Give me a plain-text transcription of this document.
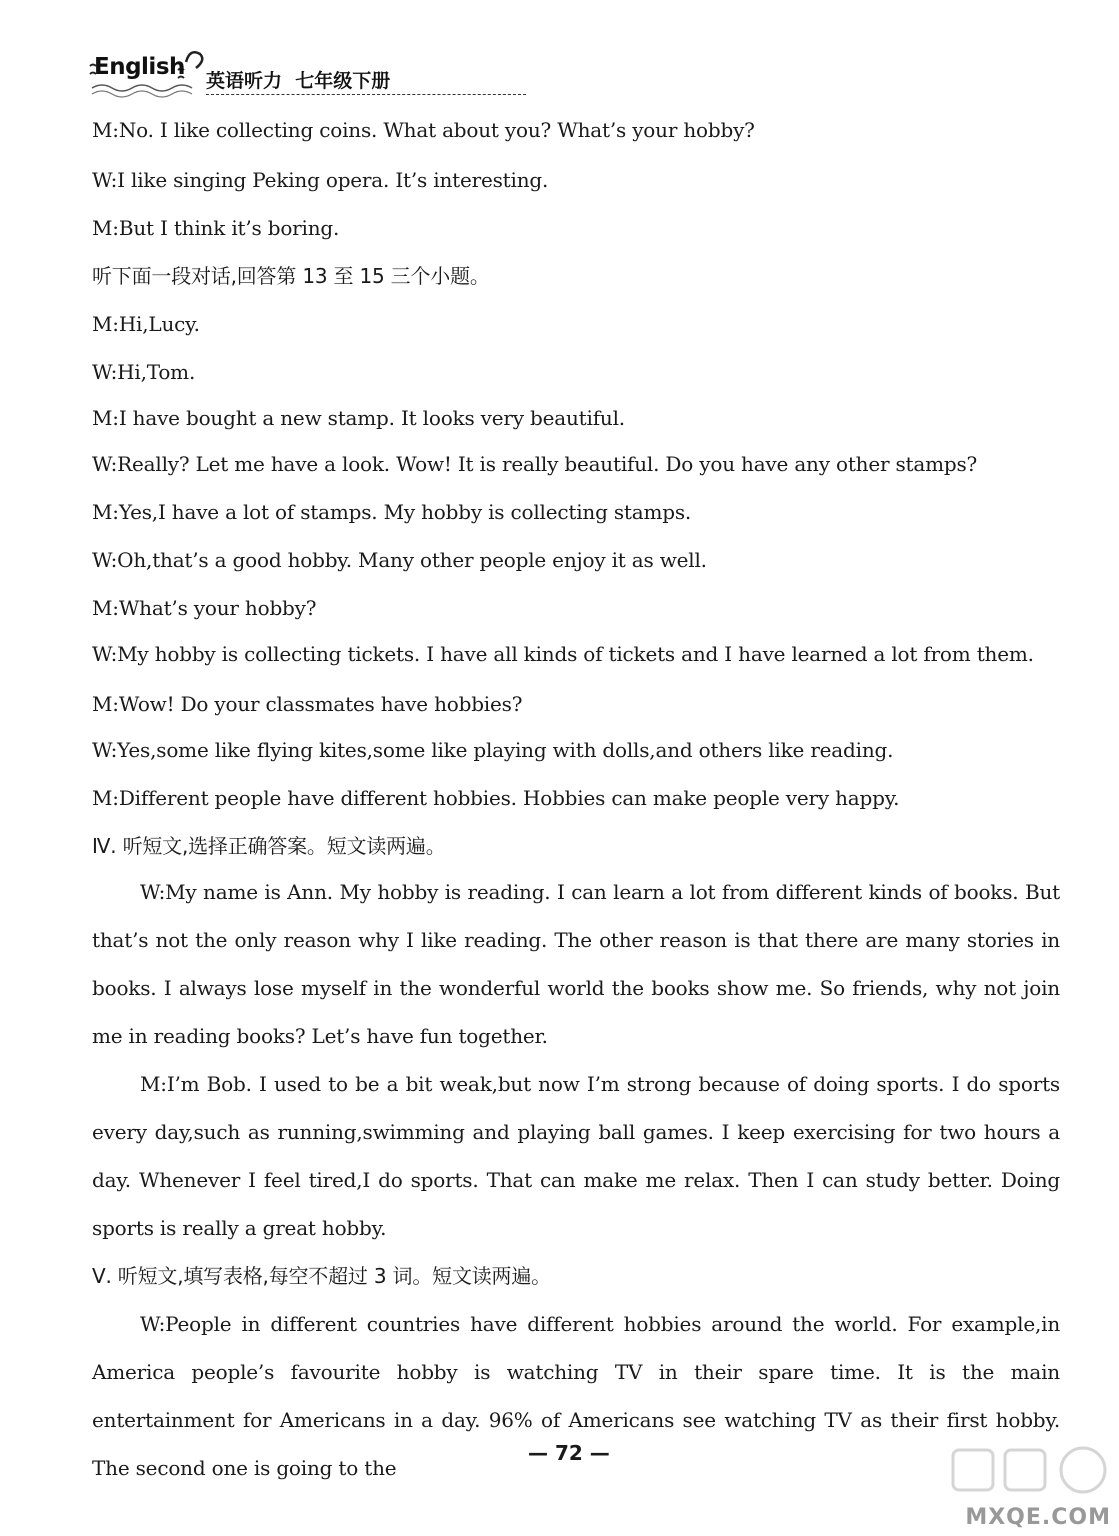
English
英语听力  七年级下册
M:No. I like collecting coins. What about you? What’s your hobby?
W:I like singing Peking opera. It’s interesting.
M:But I think it’s boring.
听下面一段对话,回答第 13 至 15 三个小题。
M:Hi,Lucy.
W:Hi,Tom.
M:I have bought a new stamp. It looks very beautiful.
W:Really? Let me have a look. Wow! It is really beautiful. Do you have any other stamps?
M:Yes,I have a lot of stamps. My hobby is collecting stamps.
W:Oh,that’s a good hobby. Many other people enjoy it as well.
M:What’s your hobby?
W:My hobby is collecting tickets. I have all kinds of tickets and I have learned a lot from them.
M:Wow! Do your classmates have hobbies?
W:Yes,some like flying kites,some like playing with dolls,and others like reading.
M:Different people have different hobbies. Hobbies can make people very happy.
Ⅳ. 听短文,选择正确答案。短文读两遍。
W:My name is Ann. My hobby is reading. I can learn a lot from different kinds of books. But that’s not the only reason why I like reading. The other reason is that there are many stories in books. I always lose myself in the wonderful world the books show me. So friends, why not join me in reading books? Let’s have fun together.
M:I’m Bob. I used to be a bit weak,but now I’m strong because of doing sports. I do sports every day,such as running,swimming and playing ball games. I keep exercising for two hours a day. Whenever I feel tired,I do sports. That can make me relax. Then I can study better. Doing sports is really a great hobby.
Ⅴ. 听短文,填写表格,每空不超过 3 词。短文读两遍。
W:People in different countries have different hobbies around the world. For example,in America people’s favourite hobby is watching TV in their spare time. It is the main entertainment for Americans in a day. 96% of Americans see watching TV as their first hobby. The second one is going to the
— 72 —
MXQE.COM
